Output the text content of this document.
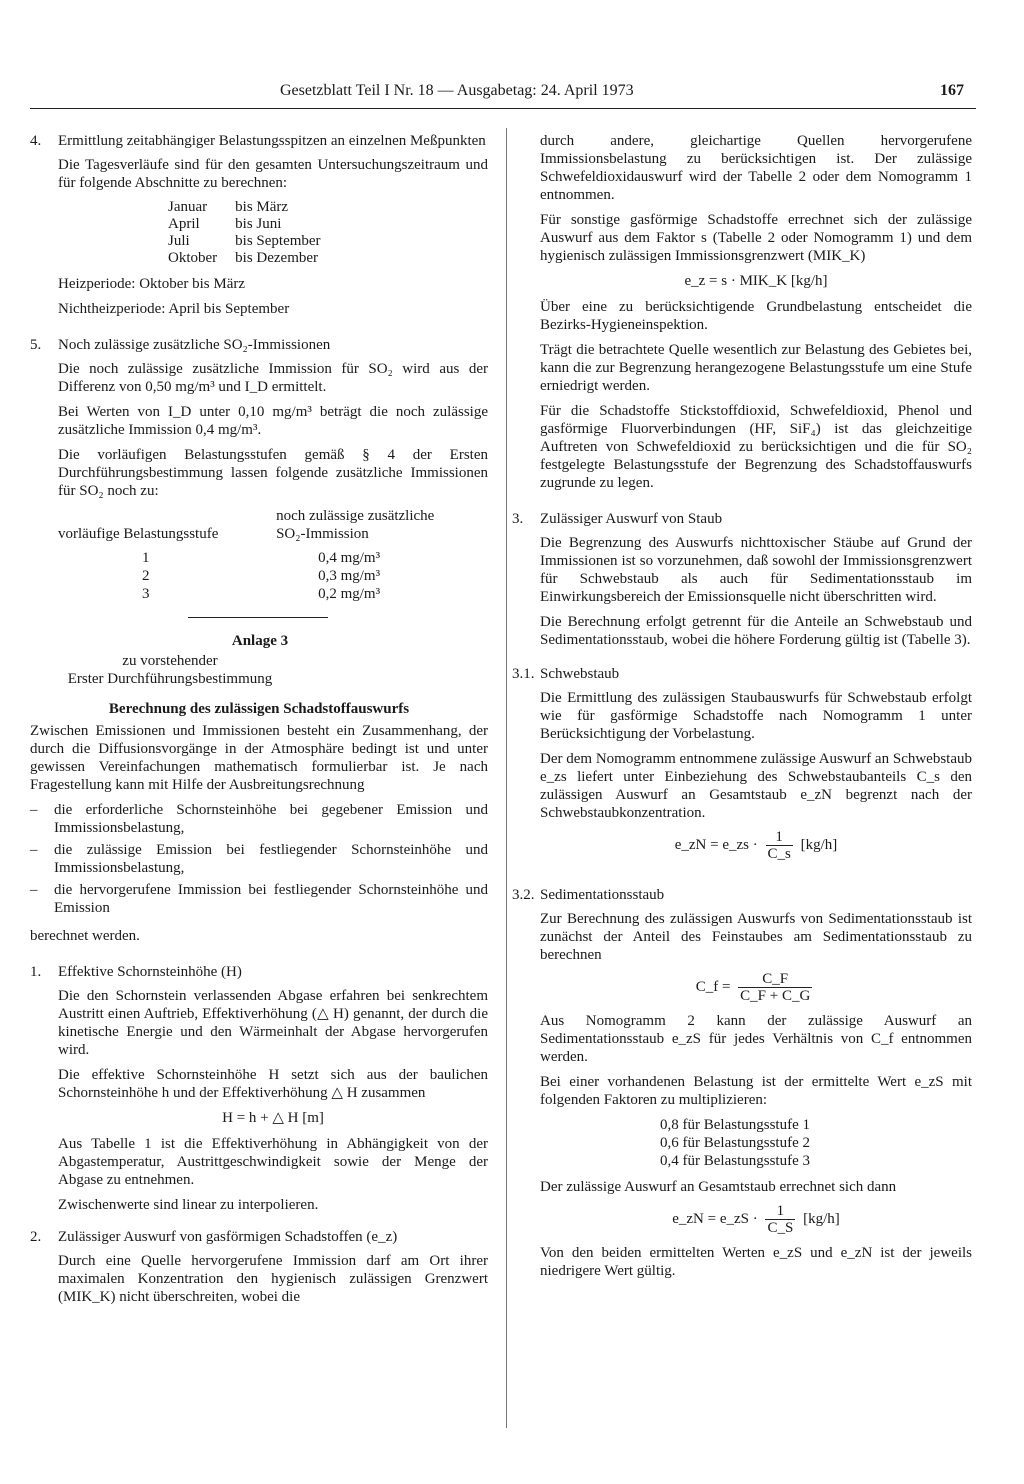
Gesetzblatt Teil I Nr. 18 — Ausgabetag: 24. April 1973	167
4. Ermittlung zeitabhängiger Belastungsspitzen an einzelnen Meßpunkten

Die Tagesverläufe sind für den gesamten Untersuchungszeitraum und für folgende Abschnitte zu berechnen:

Januar	bis März
April	bis Juni
Juli	bis September
Oktober	bis Dezember

Heizperiode: Oktober bis März

Nichtheizperiode: April bis September

5. Noch zulässige zusätzliche SO₂-Immissionen

Die noch zulässige zusätzliche Immission für SO₂ wird aus der Differenz von 0,50 mg/m³ und I_D ermittelt.

Bei Werten von I_D unter 0,10 mg/m³ beträgt die noch zulässige zusätzliche Immission 0,4 mg/m³.

Die vorläufigen Belastungsstufen gemäß § 4 der Ersten Durchführungsbestimmung lassen folgende zusätzliche Immissionen für SO₂ noch zu:

	noch zulässige zusätzliche
vorläufige Belastungsstufe	SO₂-Immission
1	0,4 mg/m³
2	0,3 mg/m³
3	0,2 mg/m³
Anlage 3
zu vorstehender
Erster Durchführungsbestimmung
Berechnung des zulässigen Schadstoffauswurfs

Zwischen Emissionen und Immissionen besteht ein Zusammenhang, der durch die Diffusionsvorgänge in der Atmosphäre bedingt ist und unter gewissen Vereinfachungen mathematisch formulierbar ist. Je nach Fragestellung kann mit Hilfe der Ausbreitungsrechnung

– die erforderliche Schornsteinhöhe bei gegebener Emission und Immissionsbelastung,
– die zulässige Emission bei festliegender Schornsteinhöhe und Immissionsbelastung,
– die hervorgerufene Immission bei festliegender Schornsteinhöhe und Emission

berechnet werden.

1. Effektive Schornsteinhöhe (H)

Die den Schornstein verlassenden Abgase erfahren bei senkrechtem Austritt einen Auftrieb, Effektiverhöhung (△ H) genannt, der durch die kinetische Energie und den Wärmeinhalt der Abgase hervorgerufen wird.

Die effektive Schornsteinhöhe H setzt sich aus der baulichen Schornsteinhöhe h und der Effektiverhöhung △ H zusammen

H = h + △ H [m]

Aus Tabelle 1 ist die Effektiverhöhung in Abhängigkeit von der Abgastemperatur, Austrittgeschwindigkeit sowie der Menge der Abgase zu entnehmen.

Zwischenwerte sind linear zu interpolieren.

2. Zulässiger Auswurf von gasförmigen Schadstoffen (e_z)

Durch eine Quelle hervorgerufene Immission darf am Ort ihrer maximalen Konzentration den hygienisch zulässigen Grenzwert (MIK_K) nicht überschreiten, wobei die

durch andere, gleichartige Quellen hervorgerufene Immissionsbelastung zu berücksichtigen ist. Der zulässige Schwefeldioxidauswurf wird der Tabelle 2 oder dem Nomogramm 1 entnommen.

Für sonstige gasförmige Schadstoffe errechnet sich der zulässige Auswurf aus dem Faktor s (Tabelle 2 oder Nomogramm 1) und dem hygienisch zulässigen Immissionsgrenzwert (MIK_K)

e_z = s · MIK_K [kg/h]

Über eine zu berücksichtigende Grundbelastung entscheidet die Bezirks-Hygieneinspektion.

Trägt die betrachtete Quelle wesentlich zur Belastung des Gebietes bei, kann die zur Begrenzung herangezogene Belastungsstufe um eine Stufe erniedrigt werden.

Für die Schadstoffe Stickstoffdioxid, Schwefeldioxid, Phenol und gasförmige Fluorverbindungen (HF, SiF₄) ist das gleichzeitige Auftreten von Schwefeldioxid zu berücksichtigen und die für SO₂ festgelegte Belastungsstufe der Begrenzung des Schadstoffauswurfs zugrunde zu legen.

3. Zulässiger Auswurf von Staub

Die Begrenzung des Auswurfs nichttoxischer Stäube auf Grund der Immissionen ist so vorzunehmen, daß sowohl der Immissionsgrenzwert für Schwebstaub als auch für Sedimentationsstaub im Einwirkungsbereich der Emissionsquelle nicht überschritten wird.

Die Berechnung erfolgt getrennt für die Anteile an Schwebstaub und Sedimentationsstaub, wobei die höhere Forderung gültig ist (Tabelle 3).

3.1. Schwebstaub

Die Ermittlung des zulässigen Staubauswurfs für Schwebstaub erfolgt wie für gasförmige Schadstoffe nach Nomogramm 1 unter Berücksichtigung der Vorbelastung.

Der dem Nomogramm entnommene zulässige Auswurf an Schwebstaub e_zs liefert unter Einbeziehung des Schwebstaubanteils C_s den zulässigen Auswurf an Gesamtstaub e_zN begrenzt nach der Schwebstaubkonzentration.

e_zN = e_zs · $\frac{1}{C\_s} [kg/h]$
3.2. Sedimentationsstaub

Zur Berechnung des zulässigen Auswurfs von Sedimentationsstaub ist zunächst der Anteil des Feinstaubes am Sedimentationsstaub zu berechnen

C_f = $\frac{C\_F}{C\_F + C\_G}$

Aus Nomogramm 2 kann der zulässige Auswurf an Sedimentationsstaub e_zS für jedes Verhältnis von C_f entnommen werden.

Bei einer vorhandenen Belastung ist der ermittelte Wert e_zS mit folgenden Faktoren zu multiplizieren:

0,8 für Belastungsstufe 1
0,6 für Belastungsstufe 2
0,4 für Belastungsstufe 3

Der zulässige Auswurf an Gesamtstaub errechnet sich dann

e_zN = e_zS · $\frac{1}{C\_S} [kg/h]$

Von den beiden ermittelten Werten e_zS und e_zN ist der jeweils niedrigere Wert gültig.
